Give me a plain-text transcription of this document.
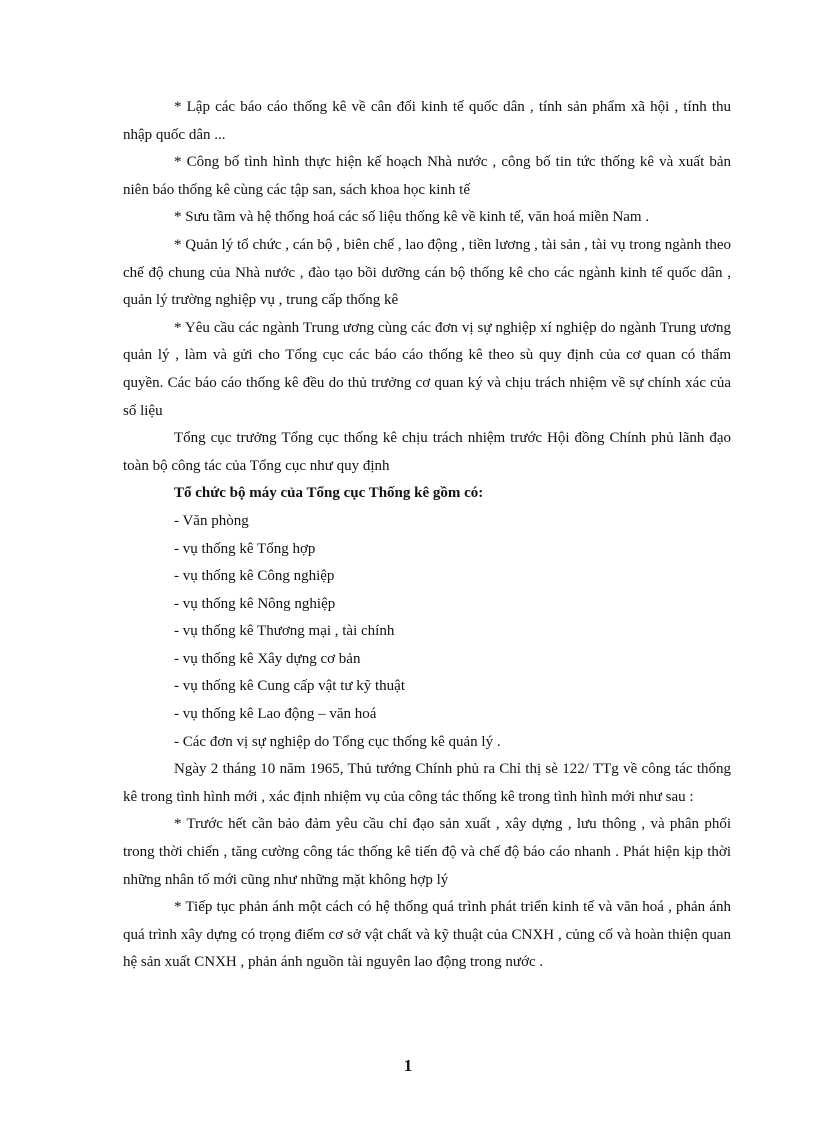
* Lập các báo cáo thống kê về cân đối kinh tế quốc dân , tính sản phẩm xã hội , tính thu nhập quốc dân ...

* Công bố tình hình thực hiện kế hoạch Nhà nước , công bố tin tức thống kê và xuất bản niên báo thống kê cùng các tập san, sách khoa học kinh tế

* Sưu tầm và hệ thống hoá các số liệu thống kê về kinh tế, văn hoá miền Nam .

* Quản lý tổ chức , cán bộ , biên chế , lao động , tiền lương , tài sản , tài vụ trong ngành theo chế độ chung của Nhà nước , đào tạo bồi dưỡng cán bộ thống kê cho các ngành kinh tế quốc dân , quản lý trường nghiệp vụ , trung cấp thống kê

* Yêu cầu các ngành Trung ương cùng các đơn vị sự nghiệp xí nghiệp do ngành Trung ương quản lý , làm và gửi cho Tổng cục các báo cáo thống kê theo sù quy định của cơ quan có thẩm quyền. Các báo cáo thống kê đều do thủ trưởng cơ quan ký và chịu trách nhiệm về sự chính xác của số liệu

Tổng cục trưởng Tổng cục thống kê chịu trách nhiệm trước Hội đồng Chính phủ lãnh đạo toàn bộ công tác của Tổng cục như quy định

Tổ chức bộ máy của Tổng cục Thống kê gồm có:

- Văn phòng

- vụ thống kê Tổng hợp

- vụ thống kê Công nghiệp

- vụ thống kê Nông nghiệp

- vụ thống kê Thương mại , tài chính

- vụ thống kê Xây dựng cơ bản

- vụ thống kê Cung cấp vật tư kỹ thuật

- vụ thống kê Lao động – văn hoá

- Các đơn vị sự nghiệp do Tổng cục thống kê quản lý .

Ngày 2 tháng 10 năm 1965, Thủ tướng Chính phủ ra Chỉ thị sè 122/ TTg về công tác thống kê trong tình hình mới , xác định nhiệm vụ của công tác thống kê trong tình hình mới như sau :

* Trước hết cần bảo đảm yêu cầu chỉ đạo sản xuất , xây dựng , lưu thông , và phân phối trong thời chiến , tăng cường công tác thống kê tiến độ và chế độ báo cáo nhanh . Phát hiện kịp thời những nhân tố mới cũng như những mặt không hợp lý

* Tiếp tục phản ánh một cách có hệ thống quá trình phát triển kinh tế và văn hoá , phản ánh quá trình xây dựng có trọng điểm cơ sở vật chất và kỹ thuật của CNXH , củng cố và hoàn thiện quan hệ sản xuất CNXH , phản ánh nguồn tài nguyên lao động trong nước .

1
